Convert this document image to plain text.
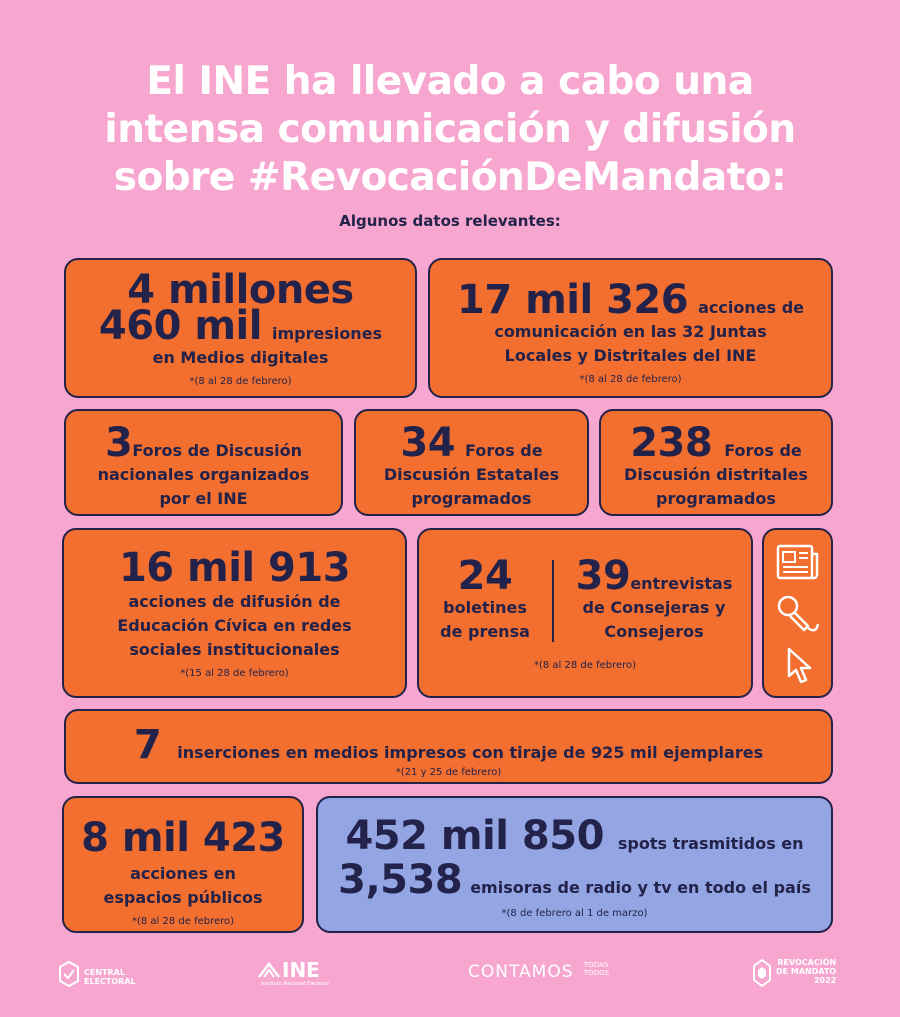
El INE ha llevado a cabo una
intensa comunicación y difusión
sobre #RevocaciónDeMandato:
Algunos datos relevantes:
4 millones
460 mil impresiones
en Medios digitales
*(8 al 28 de febrero)
17 mil 326 acciones de
comunicación en las 32 Juntas
Locales y Distritales del INE
*(8 al 28 de febrero)
3 Foros de Discusión
nacionales organizados
por el INE
34 Foros de
Discusión Estatales
programados
238 Foros de
Discusión distritales
programados
16 mil 913
acciones de difusión de
Educación Cívica en redes
sociales institucionales
*(15 al 28 de febrero)
24
boletines
de prensa
39 entrevistas
de Consejeras y
Consejeros
*(8 al 28 de febrero)
7 inserciones en medios impresos con tiraje de 925 mil ejemplares
*(21 y 25 de febrero)
8 mil 423
acciones en
espacios públicos
*(8 al 28 de febrero)
452 mil 850 spots trasmitidos en
3,538 emisoras de radio y tv en todo el país
*(8 de febrero al 1 de marzo)
CENTRAL
ELECTORAL	INE
Instituto Nacional Electoral
CONTAMOS TODAS
TODOS
REVOCACIÓN
DE MANDATO
2022
